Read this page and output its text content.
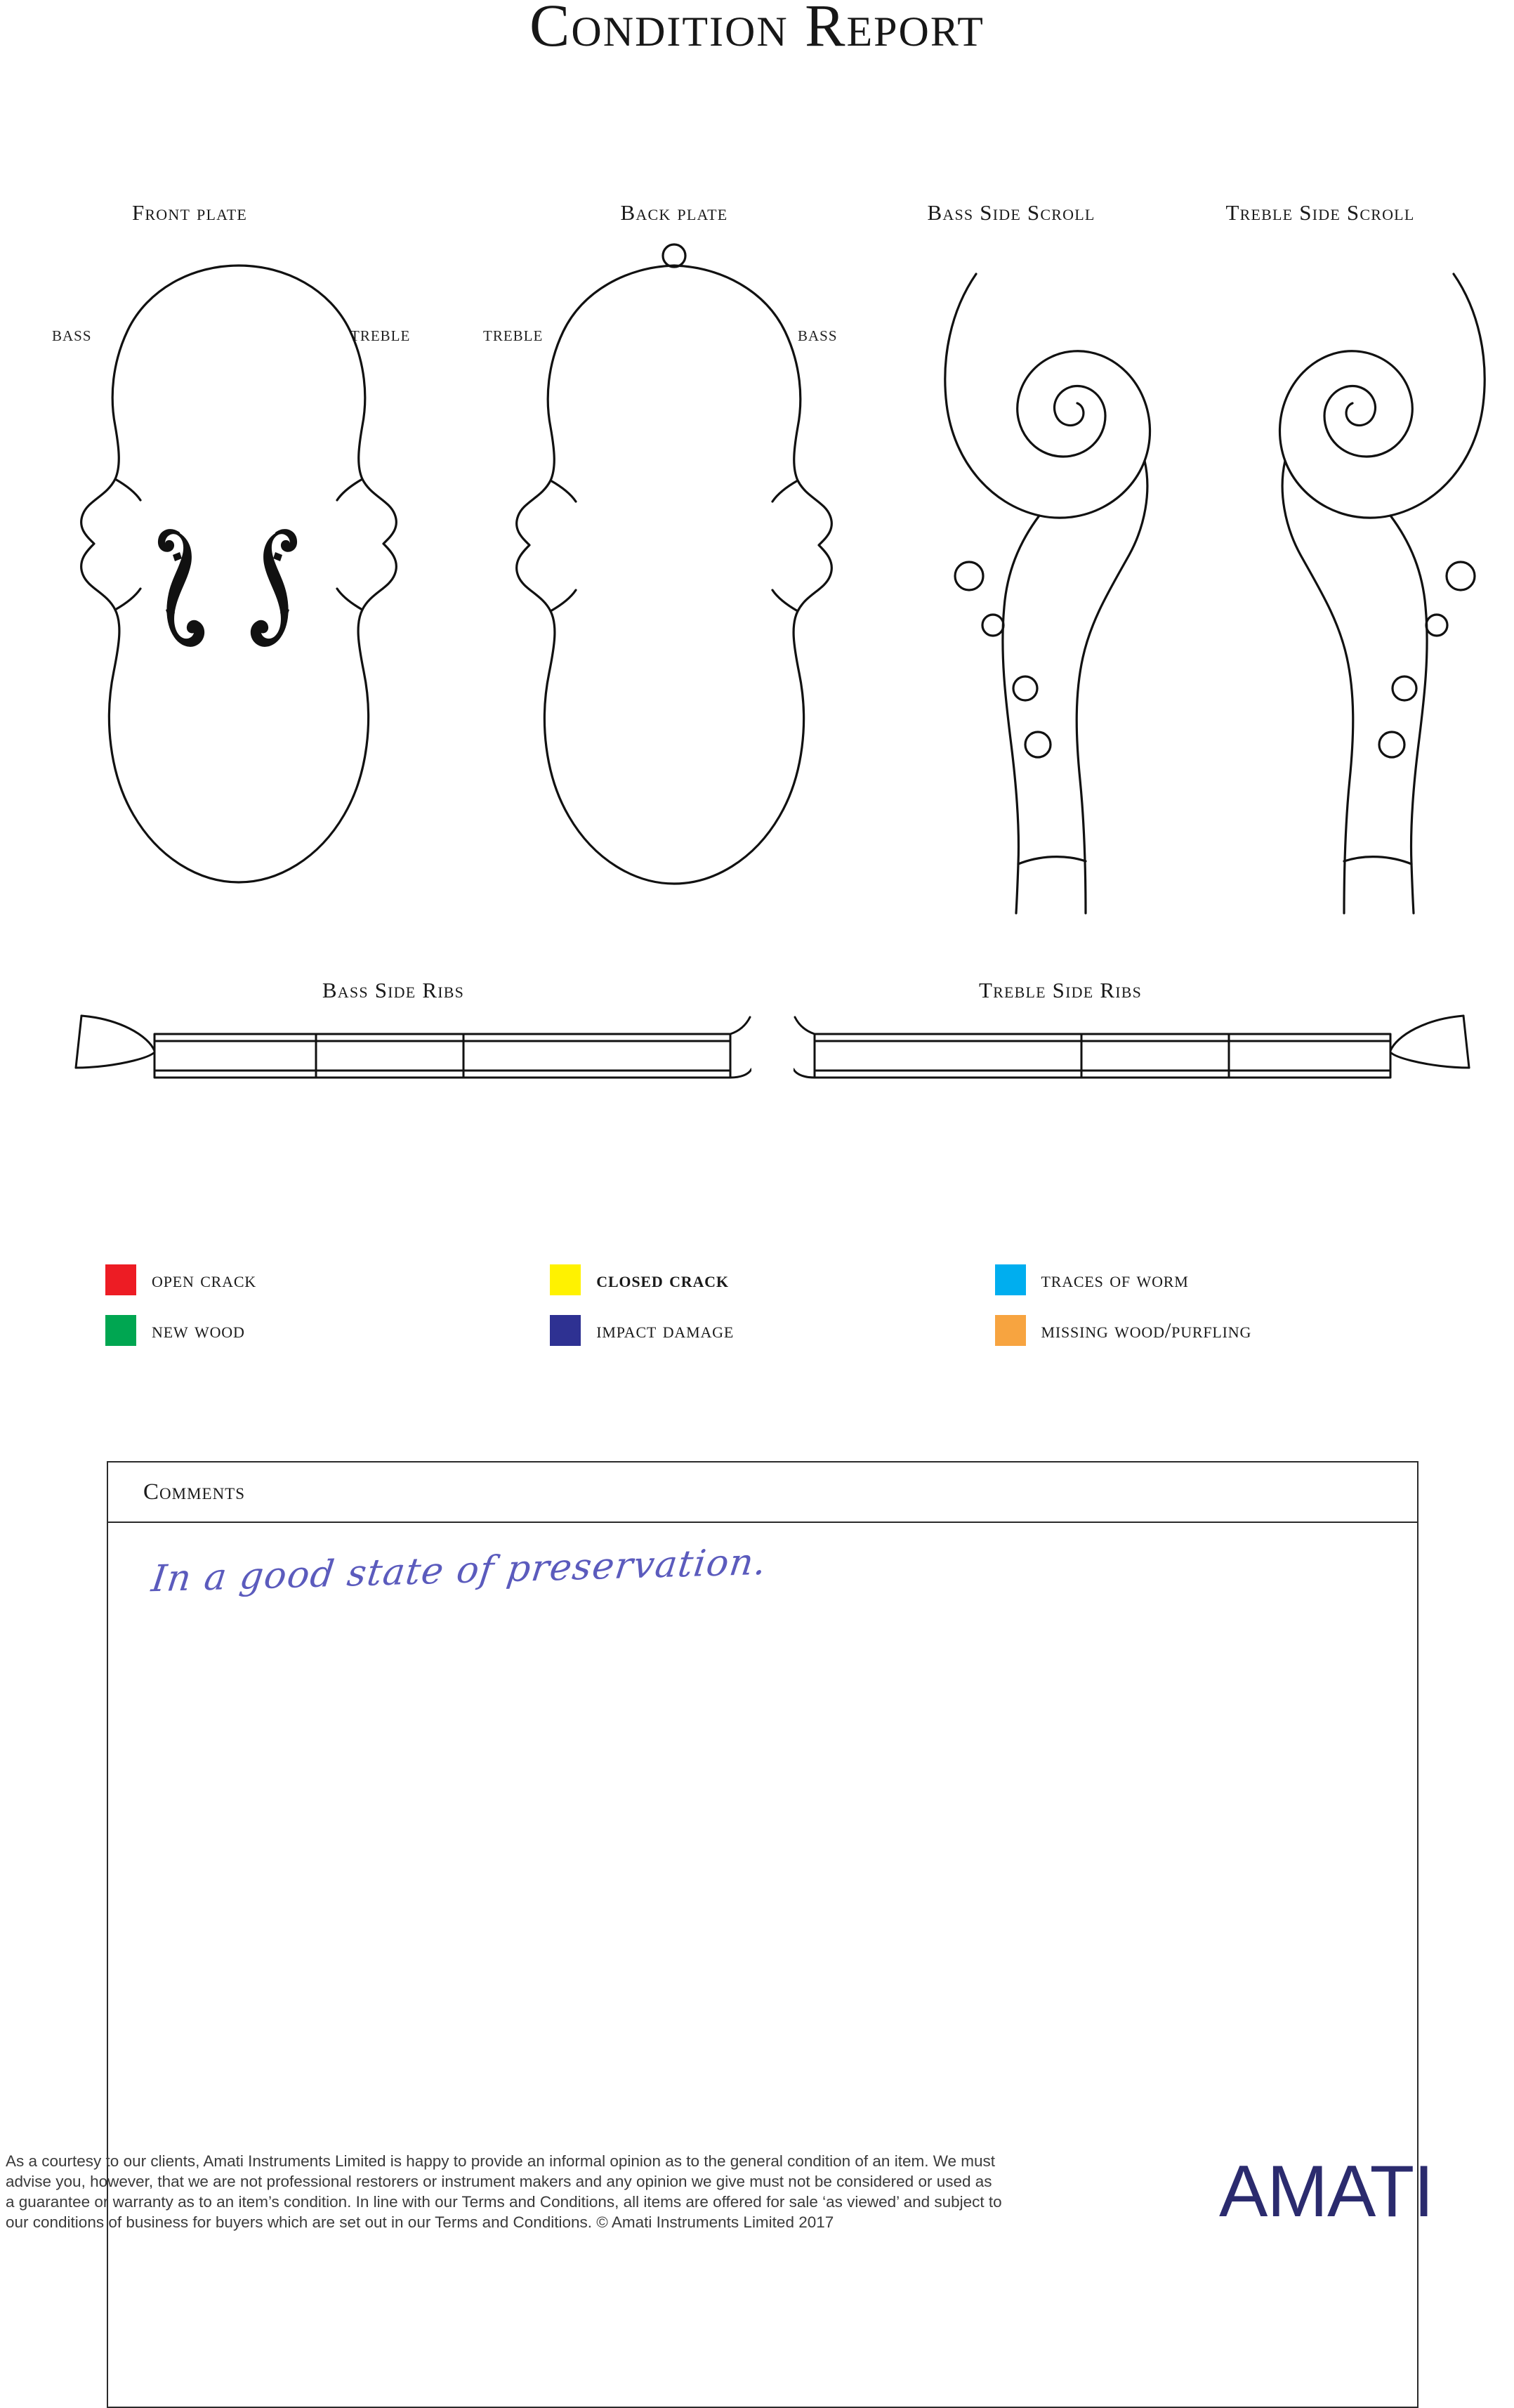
Condition Report
Front plate	Back plate	Bass Side Scroll	Treble Side Scroll
BASS	TREBLE	TREBLE	BASS
Bass Side Ribs	Treble Side Ribs
open crack	closed crack	traces of worm
new wood	impact damage	missing wood/purfling
Comments
In a good state of preservation.

As a courtesy to our clients, Amati Instruments Limited is happy to provide an informal opinion as to the general condition of an item. We must

advise you, however, that we are not professional restorers or instrument makers and any opinion we give must not be considered or used as

a guarantee or warranty as to an item’s condition. In line with our Terms and Conditions, all items are offered for sale ‘as viewed’ and subject to

our conditions of business for buyers which are set out in our Terms and Conditions. © Amati Instruments Limited 2017	AMATI
